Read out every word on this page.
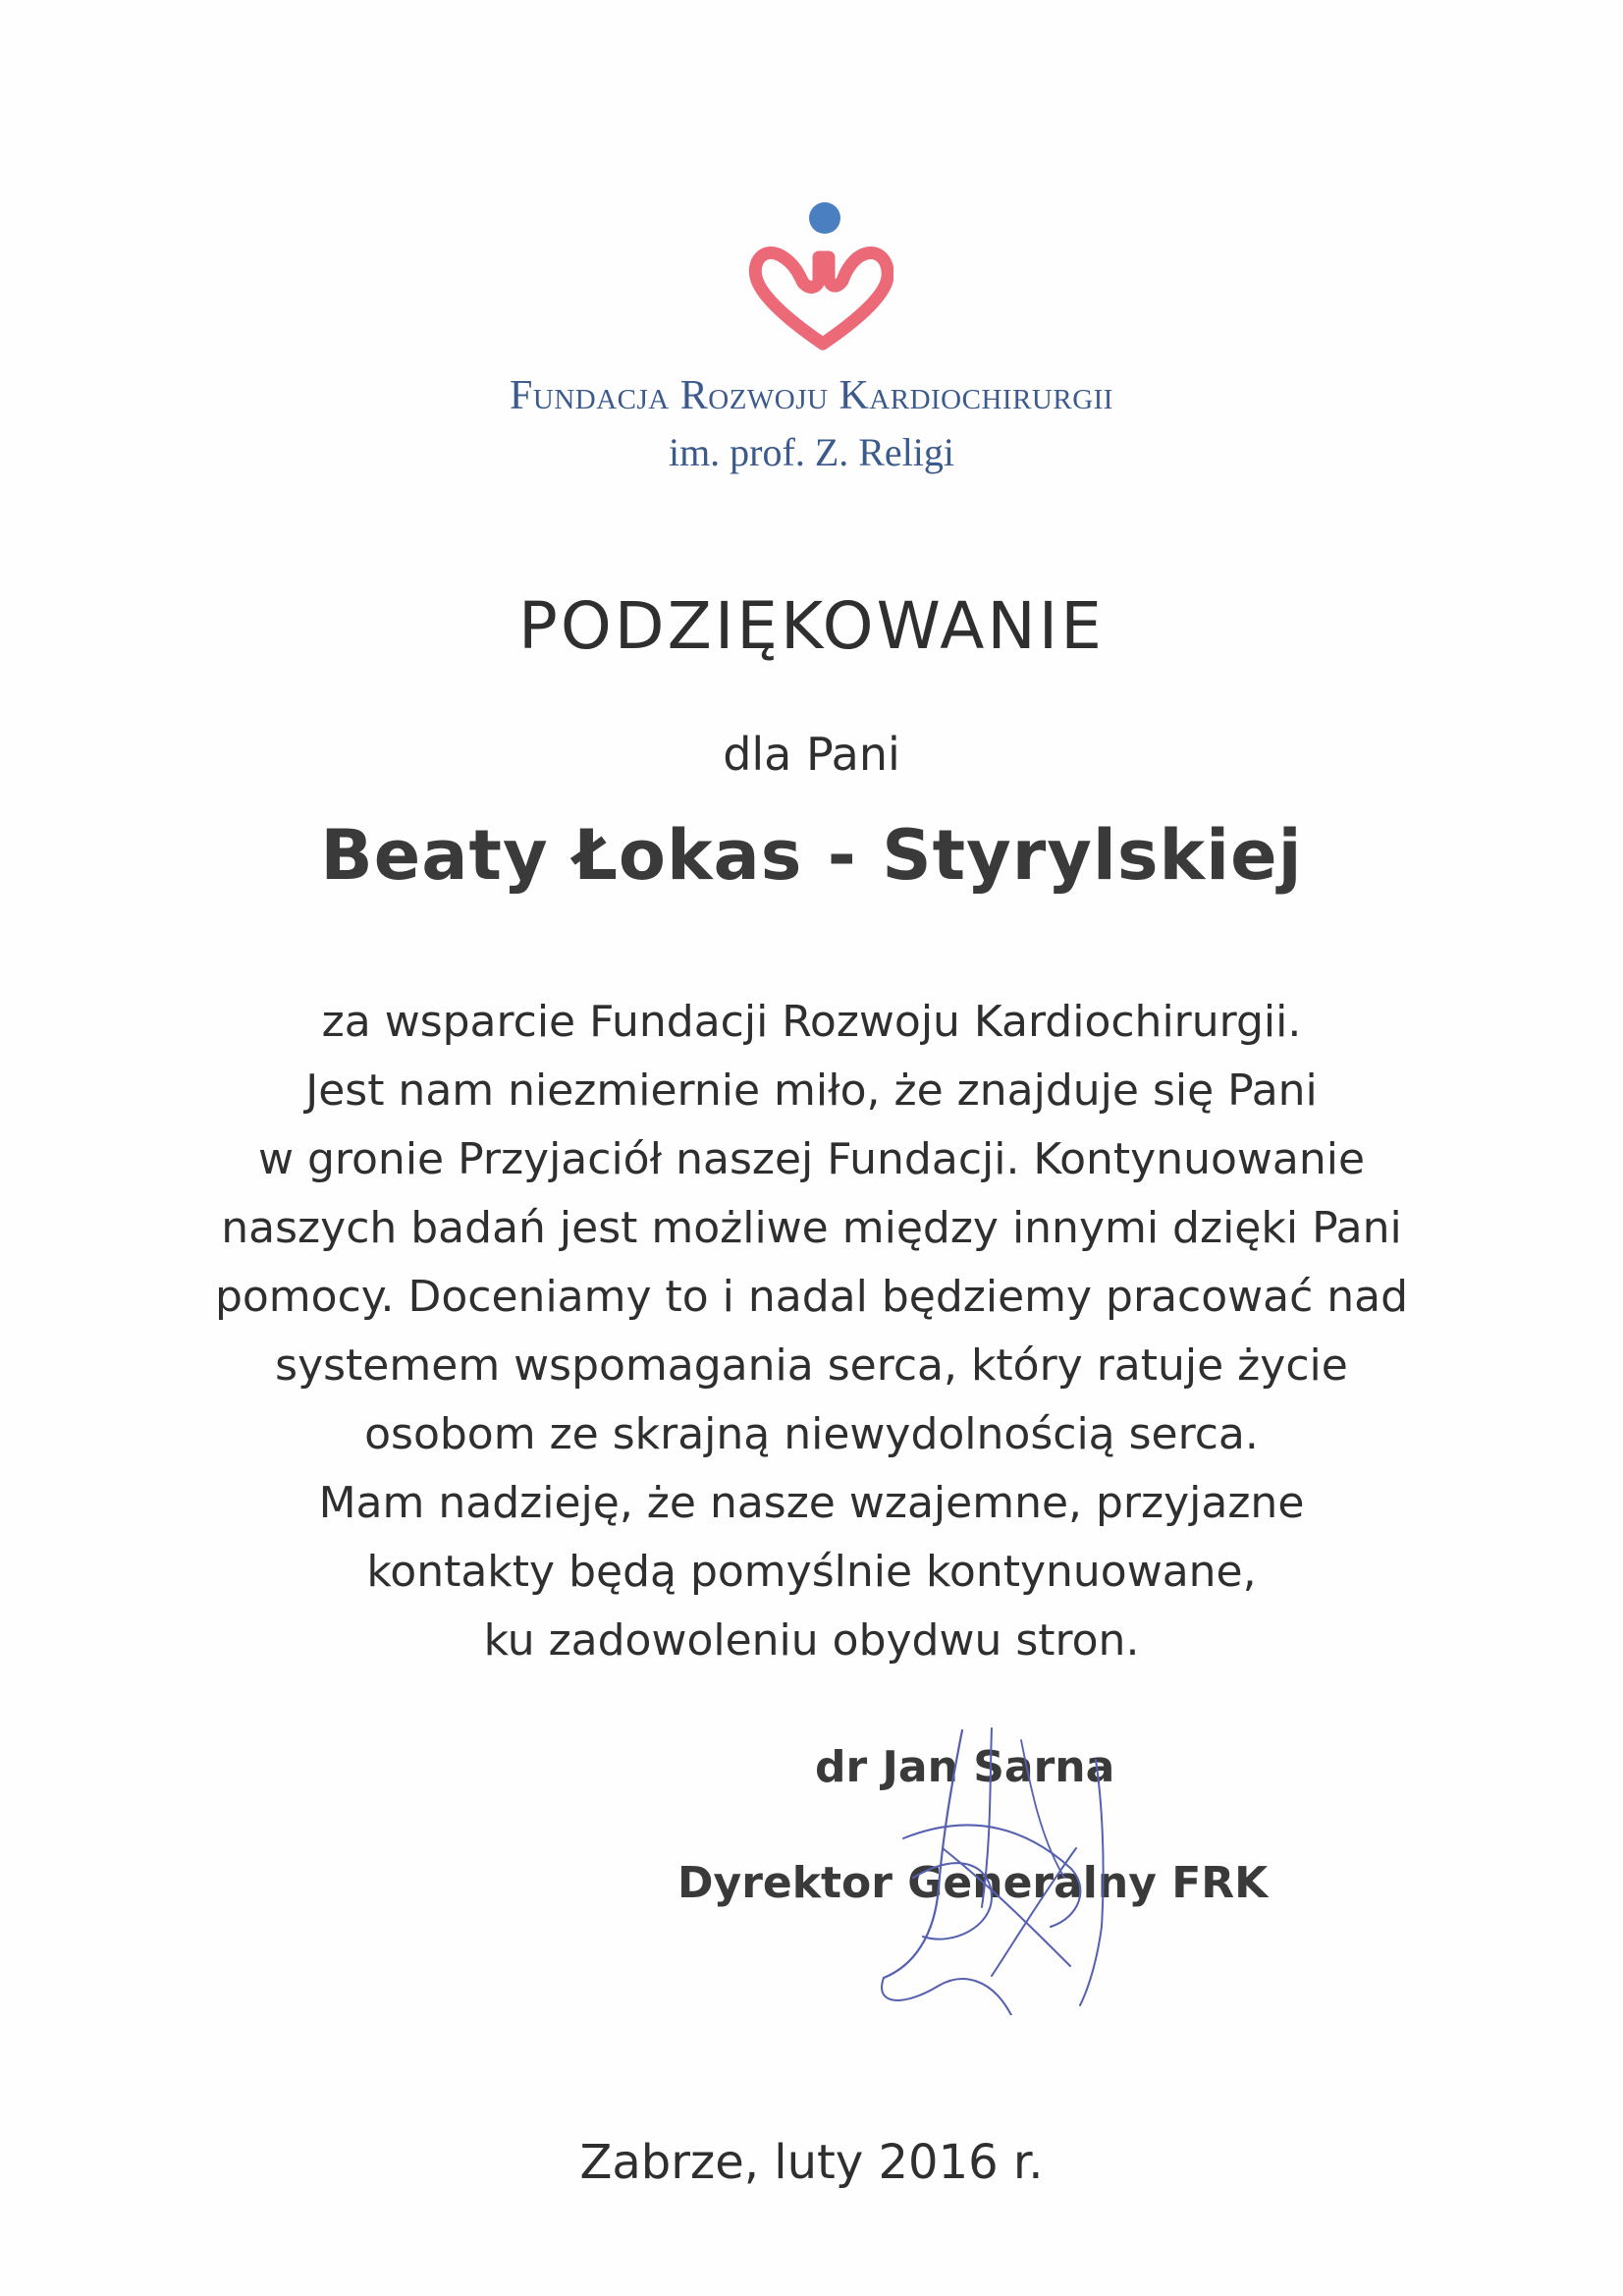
Fundacja Rozwoju Kardiochirurgii
im. prof. Z. Religi
PODZIĘKOWANIE
dla Pani
Beaty Łokas - Styrylskiej
za wsparcie Fundacji Rozwoju Kardiochirurgii.
Jest nam niezmiernie miło, że znajduje się Pani
w gronie Przyjaciół naszej Fundacji. Kontynuowanie
naszych badań jest możliwe między innymi dzięki Pani
pomocy. Doceniamy to i nadal będziemy pracować nad
systemem wspomagania serca, który ratuje życie
osobom ze skrajną niewydolnością serca.
Mam nadzieję, że nasze wzajemne, przyjazne
kontakty będą pomyślnie kontynuowane,
ku zadowoleniu obydwu stron.
dr Jan Sarna
Dyrektor Generalny FRK
Zabrze, luty 2016 r.
